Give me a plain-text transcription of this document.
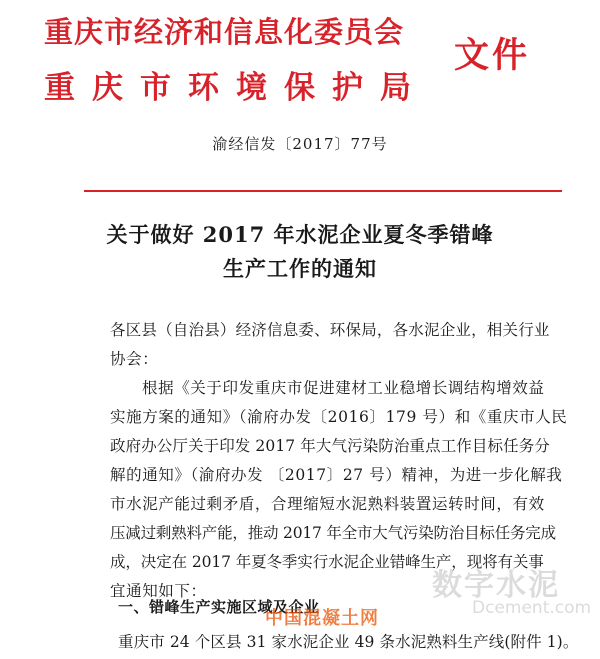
重庆市经济和信息化委员会
重庆市环境保护局
文件
渝经信发〔2017〕77号
关于做好 2017 年水泥企业夏冬季错峰
生产工作的通知
各区县（自治县）经济信息委、环保局，各水泥企业，相关行业
协会：
根据《关于印发重庆市促进建材工业稳增长调结构增效益
实施方案的通知》（渝府办发〔2016〕179 号）和《重庆市人民
政府办公厅关于印发 2017 年大气污染防治重点工作目标任务分
解的通知》（渝府办发 〔2017〕27 号）精神，为进一步化解我
市水泥产能过剩矛盾，合理缩短水泥熟料装置运转时间，有效
压减过剩熟料产能，推动 2017 年全市大气污染防治目标任务完成
成，决定在 2017 年夏冬季实行水泥企业错峰生产，现将有关事
宜通知如下：
一、错峰生产实施区域及企业
重庆市 24 个区县 31 家水泥企业 49 条水泥熟料生产线(附件 1)。
数字水泥
Dcement.com
中国混凝土网
